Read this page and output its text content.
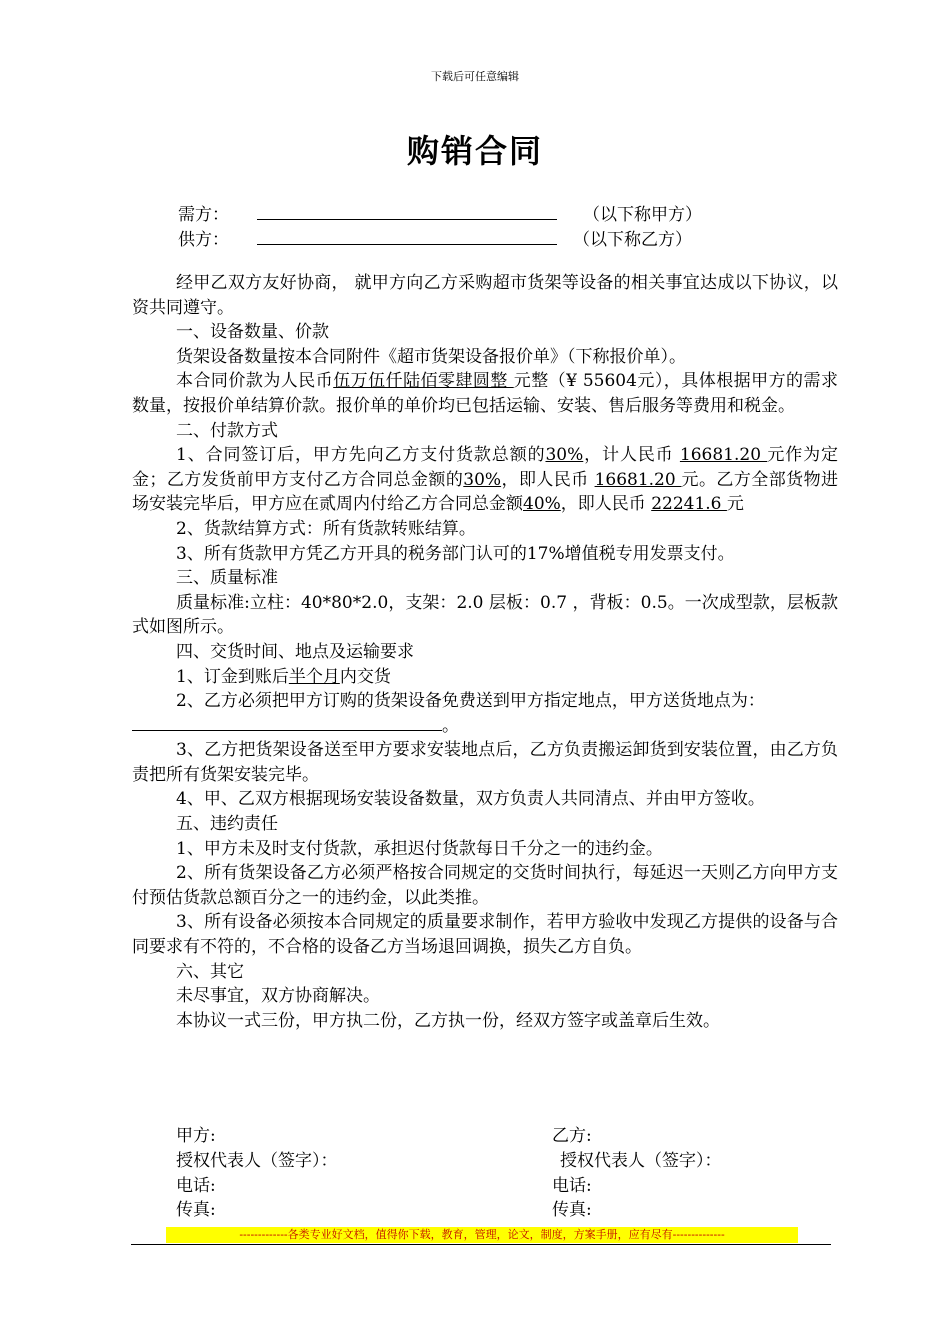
下载后可任意编辑
购销合同
需方：	（以下称甲方）
供方：	（以下称乙方）

经甲乙双方友好协商， 就甲方向乙方采购超市货架等设备的相关事宜达成以下协议，以资共同遵守。

一、设备数量、价款

货架设备数量按本合同附件《超市货架设备报价单》（下称报价单）。

本合同价款为人民币伍万伍仟陆佰零肆圆整 元整（¥ 55604元），具体根据甲方的需求数量，按报价单结算价款。报价单的单价均已包括运输、安装、售后服务等费用和税金。

二、付款方式

1、合同签订后，甲方先向乙方支付货款总额的30%，计人民币 16681.20 元作为定金；乙方发货前甲方支付乙方合同总金额的30%，即人民币 16681.20 元。乙方全部货物进场安装完毕后，甲方应在贰周内付给乙方合同总金额40%，即人民币 22241.6 元

2、货款结算方式：所有货款转账结算。

3、所有货款甲方凭乙方开具的税务部门认可的17%增值税专用发票支付。

三、质量标准

质量标准:立柱：40*80*2.0，支架：2.0 层板：0.7 ，背板：0.5。一次成型款，层板款式如图所示。

四、交货时间、地点及运输要求

1、订金到账后半个月内交货

2、乙方必须把甲方订购的货架设备免费送到甲方指定地点，甲方送货地点为：

。

3、乙方把货架设备送至甲方要求安装地点后，乙方负责搬运卸货到安装位置，由乙方负责把所有货架安装完毕。

4、甲、乙双方根据现场安装设备数量，双方负责人共同清点、并由甲方签收。

五、违约责任

1、甲方未及时支付货款，承担迟付货款每日千分之一的违约金。

2、所有货架设备乙方必须严格按合同规定的交货时间执行，每延迟一天则乙方向甲方支付预估货款总额百分之一的违约金，以此类推。

3、所有设备必须按本合同规定的质量要求制作，若甲方验收中发现乙方提供的设备与合同要求有不符的，不合格的设备乙方当场退回调换，损失乙方自负。

六、其它

未尽事宜，双方协商解决。

本协议一式三份，甲方执二份，乙方执一份，经双方签字或盖章后生效。

甲方:	乙方:
授权代表人（签字）：	授权代表人（签字）：
电话:	电话:
传真:	传真:
-------------各类专业好文档，值得你下载，教育，管理，论文，制度，方案手册，应有尽有--------------
